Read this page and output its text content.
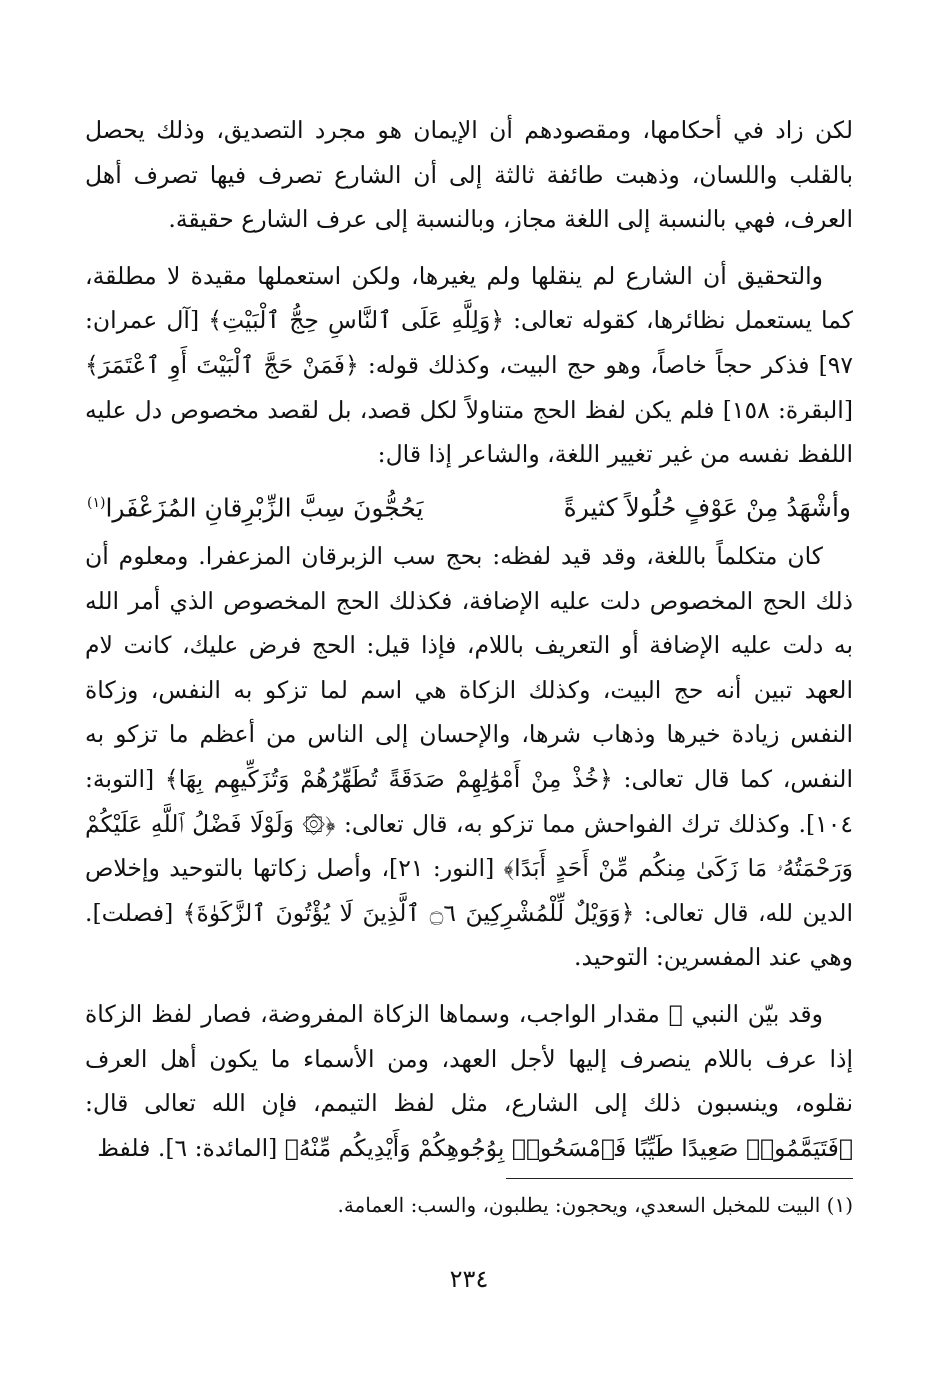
لكن زاد في أحكامها، ومقصودهم أن الإيمان هو مجرد التصديق، وذلك يحصل بالقلب واللسان، وذهبت طائفة ثالثة إلى أن الشارع تصرف فيها تصرف أهل العرف، فهي بالنسبة إلى اللغة مجاز، وبالنسبة إلى عرف الشارع حقيقة.

والتحقيق أن الشارع لم ينقلها ولم يغيرها، ولكن استعملها مقيدة لا مطلقة، كما يستعمل نظائرها، كقوله تعالى: ﴿وَلِلَّهِ عَلَى ٱلنَّاسِ حِجُّ ٱلْبَيْتِ﴾ [آل عمران: ٩٧] فذكر حجاً خاصاً، وهو حج البيت، وكذلك قوله: ﴿فَمَنْ حَجَّ ٱلْبَيْتَ أَوِ ٱعْتَمَرَ﴾ [البقرة: ١٥٨] فلم يكن لفظ الحج متناولاً لكل قصد، بل لقصد مخصوص دل عليه اللفظ نفسه من غير تغيير اللغة، والشاعر إذا قال:

وأشْهَدُ مِنْ عَوْفٍ حُلُولاً كثيرةً
يَحُجُّونَ سِبَّ الزِّبْرِقانِ المُزَعْفَرا$^{(١)}$

كان متكلماً باللغة، وقد قيد لفظه: بحج سب الزبرقان المزعفرا. ومعلوم أن ذلك الحج المخصوص دلت عليه الإضافة، فكذلك الحج المخصوص الذي أمر الله به دلت عليه الإضافة أو التعريف باللام، فإذا قيل: الحج فرض عليك، كانت لام العهد تبين أنه حج البيت، وكذلك الزكاة هي اسم لما تزكو به النفس، وزكاة النفس زيادة خيرها وذهاب شرها، والإحسان إلى الناس من أعظم ما تزكو به النفس، كما قال تعالى: ﴿خُذْ مِنْ أَمْوَٰلِهِمْ صَدَقَةً تُطَهِّرُهُمْ وَتُزَكِّيهِم بِهَا﴾ [التوبة: ١٠٤]. وكذلك ترك الفواحش مما تزكو به، قال تعالى: ﴿۞ وَلَوْلَا فَضْلُ ٱللَّهِ عَلَيْكُمْ وَرَحْمَتُهُۥ مَا زَكَىٰ مِنكُم مِّنْ أَحَدٍ أَبَدًا﴾ [النور: ٢١]، وأصل زكاتها بالتوحيد وإخلاص الدين لله، قال تعالى: ﴿وَوَيْلٌ لِّلْمُشْرِكِينَ ۝٦ ٱلَّذِينَ لَا يُؤْتُونَ ٱلزَّكَوٰةَ﴾ [فصلت]. وهي عند المفسرين: التوحيد.

وقد بيّن النبي ﷺ مقدار الواجب، وسماها الزكاة المفروضة، فصار لفظ الزكاة إذا عرف باللام ينصرف إليها لأجل العهد، ومن الأسماء ما يكون أهل العرف نقلوه، وينسبون ذلك إلى الشارع، مثل لفظ التيمم، فإن الله تعالى قال: ﴿فَتَيَمَّمُوا۟ صَعِيدًا طَيِّبًا فَٱمْسَحُوا۟ بِوُجُوهِكُمْ وَأَيْدِيكُم مِّنْهُ﴾ [المائدة: ٦]. فلفظ

(١) البيت للمخبل السعدي، ويحجون: يطلبون، والسب: العمامة.
٢٣٤
